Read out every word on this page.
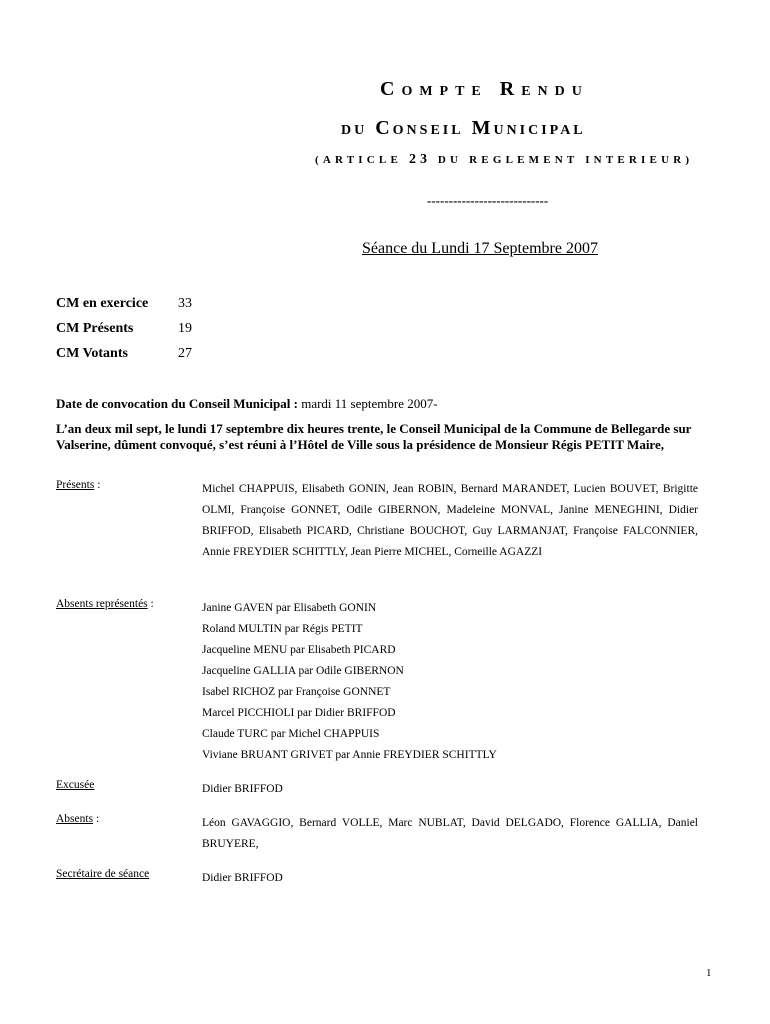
Compte Rendu
du Conseil Municipal
(ARTICLE 23 DU REGLEMENT INTERIEUR)
----------------------------
Séance du Lundi 17 Septembre 2007
CM en exercice	33
CM Présents	19
CM Votants	27
Date de convocation du Conseil Municipal : mardi 11 septembre 2007-
L’an deux mil sept, le lundi 17 septembre dix heures trente, le Conseil Municipal de la Commune de Bellegarde sur Valserine, dûment convoqué, s’est réuni à l’Hôtel de Ville sous la présidence de Monsieur Régis PETIT Maire,
Présents :	Michel CHAPPUIS, Elisabeth GONIN, Jean ROBIN, Bernard MARANDET, Lucien BOUVET, Brigitte OLMI, Françoise GONNET, Odile GIBERNON, Madeleine MONVAL, Janine MENEGHINI, Didier BRIFFOD, Elisabeth PICARD, Christiane BOUCHOT, Guy LARMANJAT, Françoise FALCONNIER, Annie FREYDIER SCHITTLY, Jean Pierre MICHEL, Corneille AGAZZI
Absents représentés :	Janine GAVEN par Elisabeth GONIN
Roland MULTIN par Régis PETIT
Jacqueline MENU par Elisabeth PICARD
Jacqueline GALLIA par Odile GIBERNON
Isabel RICHOZ par Françoise GONNET
Marcel PICCHIOLI par Didier BRIFFOD
Claude TURC par Michel CHAPPUIS
Viviane BRUANT GRIVET par Annie FREYDIER SCHITTLY
Excusée	Didier BRIFFOD
Absents :	Léon GAVAGGIO, Bernard VOLLE, Marc NUBLAT, David DELGADO, Florence GALLIA, Daniel BRUYERE,
Secrétaire de séance	Didier BRIFFOD
1
